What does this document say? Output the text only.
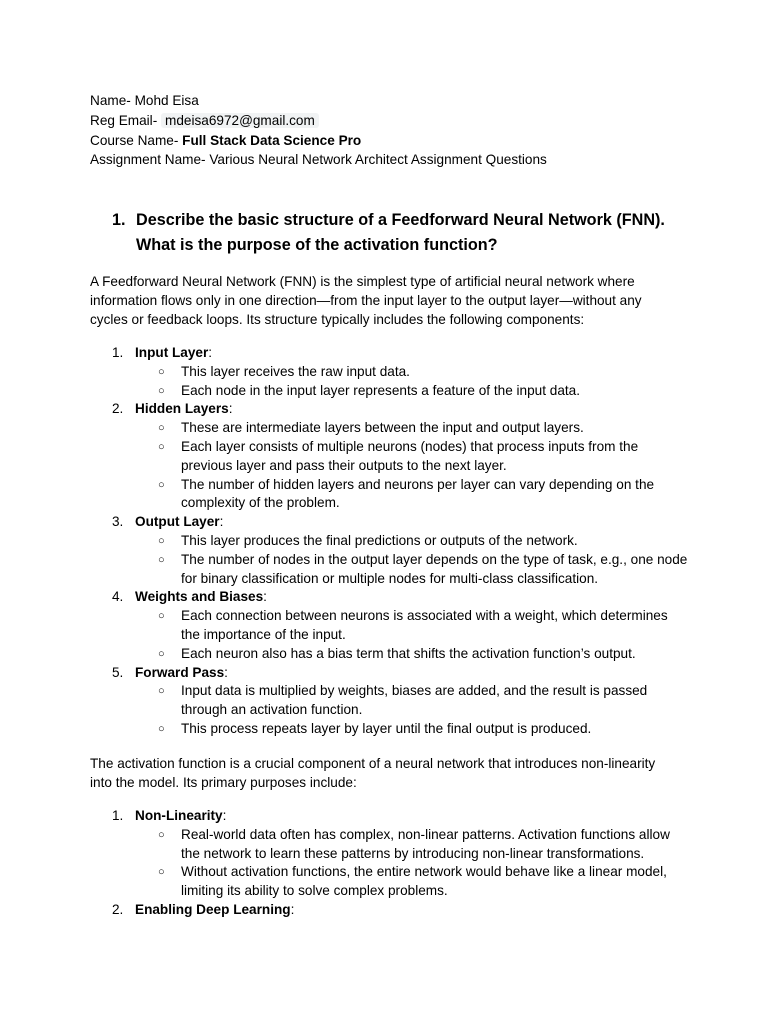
Name- Mohd Eisa
Reg Email- mdeisa6972@gmail.com
Course Name- Full Stack Data Science Pro
Assignment Name- Various Neural Network Architect Assignment Questions
1. Describe the basic structure of a Feedforward Neural Network (FNN). What is the purpose of the activation function?
A Feedforward Neural Network (FNN) is the simplest type of artificial neural network where information flows only in one direction—from the input layer to the output layer—without any cycles or feedback loops. Its structure typically includes the following components:
1. Input Layer:
○ This layer receives the raw input data.
○ Each node in the input layer represents a feature of the input data.
2. Hidden Layers:
○ These are intermediate layers between the input and output layers.
○ Each layer consists of multiple neurons (nodes) that process inputs from the previous layer and pass their outputs to the next layer.
○ The number of hidden layers and neurons per layer can vary depending on the complexity of the problem.
3. Output Layer:
○ This layer produces the final predictions or outputs of the network.
○ The number of nodes in the output layer depends on the type of task, e.g., one node for binary classification or multiple nodes for multi-class classification.
4. Weights and Biases:
○ Each connection between neurons is associated with a weight, which determines the importance of the input.
○ Each neuron also has a bias term that shifts the activation function’s output.
5. Forward Pass:
○ Input data is multiplied by weights, biases are added, and the result is passed through an activation function.
○ This process repeats layer by layer until the final output is produced.
The activation function is a crucial component of a neural network that introduces non-linearity into the model. Its primary purposes include:
1. Non-Linearity:
○ Real-world data often has complex, non-linear patterns. Activation functions allow the network to learn these patterns by introducing non-linear transformations.
○ Without activation functions, the entire network would behave like a linear model, limiting its ability to solve complex problems.
2. Enabling Deep Learning:
